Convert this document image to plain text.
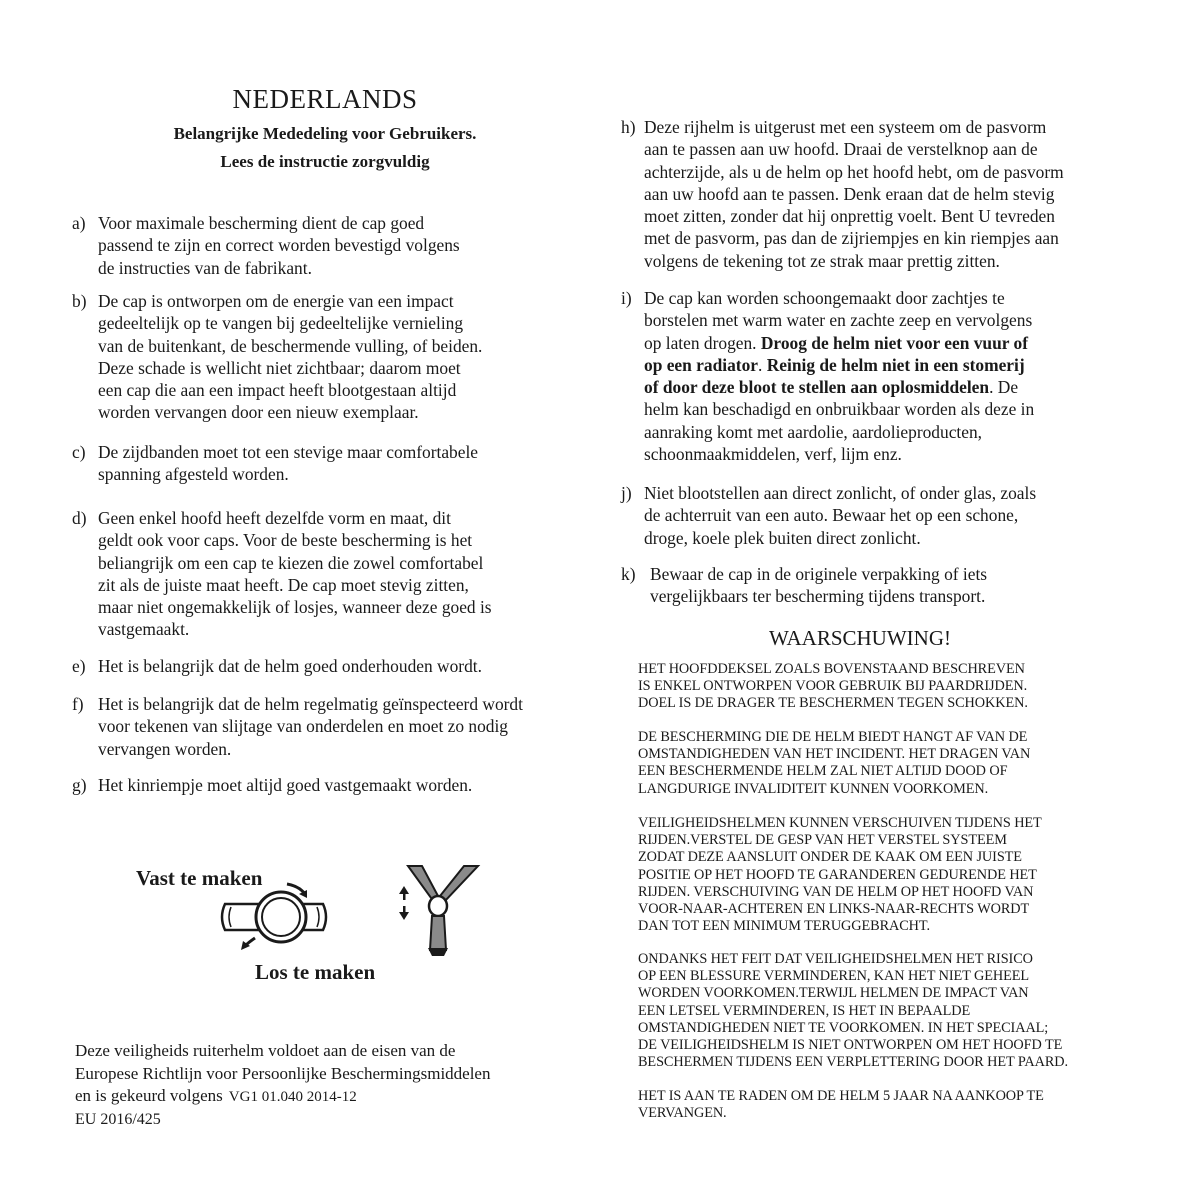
NEDERLANDS
Belangrijke Mededeling voor Gebruikers.
Lees de instructie zorgvuldig
a) Voor maximale bescherming dient de cap goed
passend te zijn en correct worden bevestigd volgens
de instructies van de fabrikant.
b) De cap is ontworpen om de energie van een impact
gedeeltelijk op te vangen bij gedeeltelijke vernieling
van de buitenkant, de beschermende vulling, of beiden.
Deze schade is wellicht niet zichtbaar; daarom moet
een cap die aan een impact heeft blootgestaan altijd
worden vervangen door een nieuw exemplaar.
c) De zijdbanden moet tot een stevige maar comfortabele
spanning afgesteld worden.
d) Geen enkel hoofd heeft dezelfde vorm en maat, dit
geldt ook voor caps. Voor de beste bescherming is het
beliangrijk om een cap te kiezen die zowel comfortabel
zit als de juiste maat heeft. De cap moet stevig zitten,
maar niet ongemakkelijk of losjes, wanneer deze goed is
vastgemaakt.
e) Het is belangrijk dat de helm goed onderhouden wordt.
f) Het is belangrijk dat de helm regelmatig geïnspecteerd wordt
voor tekenen van slijtage van onderdelen en moet zo nodig
vervangen worden.
g) Het kinriempje moet altijd goed vastgemaakt worden.
Vast te maken
Los te maken
Deze veiligheids ruiterhelm voldoet aan de eisen van de
Europese Richtlijn voor Persoonlijke Beschermingsmiddelen
en is gekeurd volgens VG1 01.040 2014-12
EU 2016/425
h) Deze rijhelm is uitgerust met een systeem om de pasvorm
aan te passen aan uw hoofd. Draai de verstelknop aan de
achterzijde, als u de helm op het hoofd hebt, om de pasvorm
aan uw hoofd aan te passen. Denk eraan dat de helm stevig
moet zitten, zonder dat hij onprettig voelt. Bent U tevreden
met de pasvorm, pas dan de zijriempjes en kin riempjes aan
volgens de tekening tot ze strak maar prettig zitten.
i) De cap kan worden schoongemaakt door zachtjes te
borstelen met warm water en zachte zeep en vervolgens
op laten drogen. Droog de helm niet voor een vuur of
op een radiator. Reinig de helm niet in een stomerij
of door deze bloot te stellen aan oplosmiddelen. De
helm kan beschadigd en onbruikbaar worden als deze in
aanraking komt met aardolie, aardolieproducten,
schoonmaakmiddelen, verf, lijm enz.
j) Niet blootstellen aan direct zonlicht, of onder glas, zoals
de achterruit van een auto. Bewaar het op een schone,
droge, koele plek buiten direct zonlicht.
k) Bewaar de cap in de originele verpakking of iets
vergelijkbaars ter bescherming tijdens transport.
WAARSCHUWING!
HET HOOFDDEKSEL ZOALS BOVENSTAAND BESCHREVEN
IS ENKEL ONTWORPEN VOOR GEBRUIK BIJ PAARDRIJDEN.
DOEL IS DE DRAGER TE BESCHERMEN TEGEN SCHOKKEN.
DE BESCHERMING DIE DE HELM BIEDT HANGT AF VAN DE
OMSTANDIGHEDEN VAN HET INCIDENT. HET DRAGEN VAN
EEN BESCHERMENDE HELM ZAL NIET ALTIJD DOOD OF
LANGDURIGE INVALIDITEIT KUNNEN VOORKOMEN.
VEILIGHEIDSHELMEN KUNNEN VERSCHUIVEN TIJDENS HET
RIJDEN.VERSTEL DE GESP VAN HET VERSTEL SYSTEEM
ZODAT DEZE AANSLUIT ONDER DE KAAK OM EEN JUISTE
POSITIE OP HET HOOFD TE GARANDEREN GEDURENDE HET
RIJDEN. VERSCHUIVING VAN DE HELM OP HET HOOFD VAN
VOOR-NAAR-ACHTEREN EN LINKS-NAAR-RECHTS WORDT
DAN TOT EEN MINIMUM TERUGGEBRACHT.
ONDANKS HET FEIT DAT VEILIGHEIDSHELMEN HET RISICO
OP EEN BLESSURE VERMINDEREN, KAN HET NIET GEHEEL
WORDEN VOORKOMEN.TERWIJL HELMEN DE IMPACT VAN
EEN LETSEL VERMINDEREN, IS HET IN BEPAALDE
OMSTANDIGHEDEN NIET TE VOORKOMEN. IN HET SPECIAAL;
DE VEILIGHEIDSHELM IS NIET ONTWORPEN OM HET HOOFD TE
BESCHERMEN TIJDENS EEN VERPLETTERING DOOR HET PAARD.
HET IS AAN TE RADEN OM DE HELM 5 JAAR NA AANKOOP TE
VERVANGEN.
